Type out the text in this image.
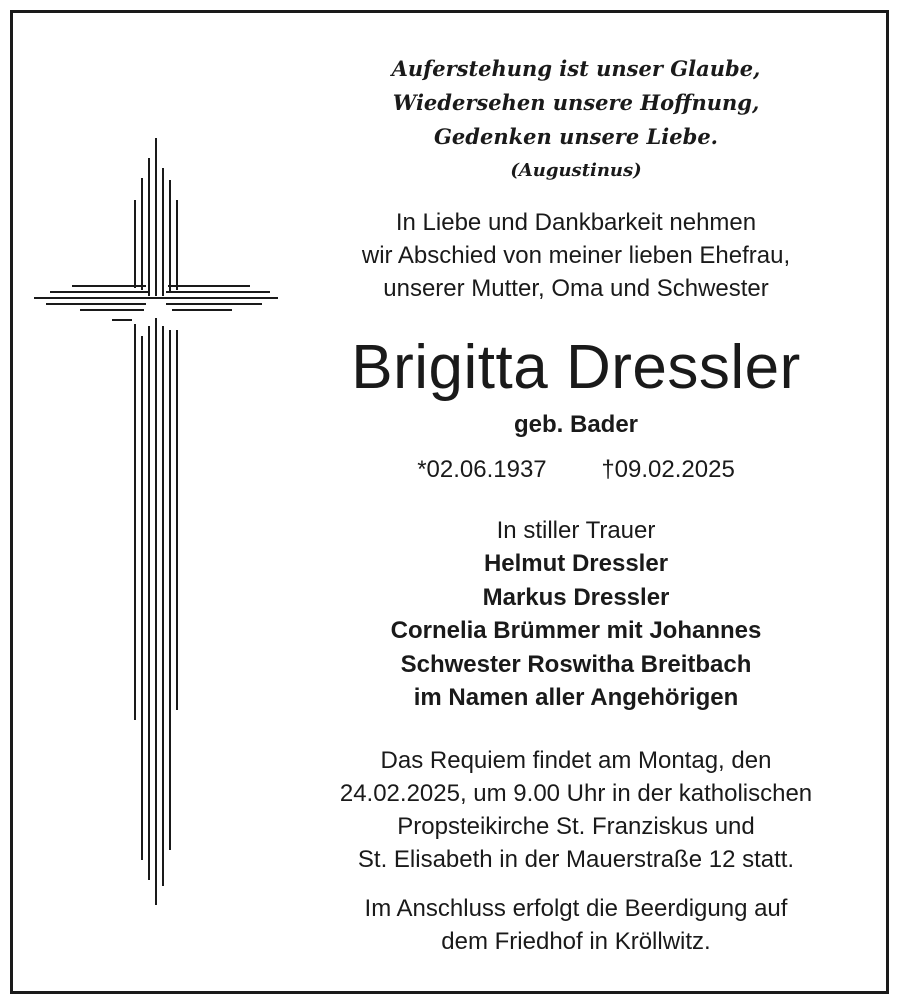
Auferstehung ist unser Glaube,
Wiedersehen unsere Hoffnung,
Gedenken unsere Liebe.
(Augustinus)
In Liebe und Dankbarkeit nehmen
wir Abschied von meiner lieben Ehefrau,
unserer Mutter, Oma und Schwester
Brigitta Dressler
geb. Bader
*02.06.1937 †09.02.2025
In stiller Trauer
Helmut Dressler
Markus Dressler
Cornelia Brümmer mit Johannes
Schwester Roswitha Breitbach
im Namen aller Angehörigen
Das Requiem findet am Montag, den
24.02.2025, um 9.00 Uhr in der katholischen
Propsteikirche St. Franziskus und
St. Elisabeth in der Mauerstraße 12 statt.
Im Anschluss erfolgt die Beerdigung auf
dem Friedhof in Kröllwitz.
